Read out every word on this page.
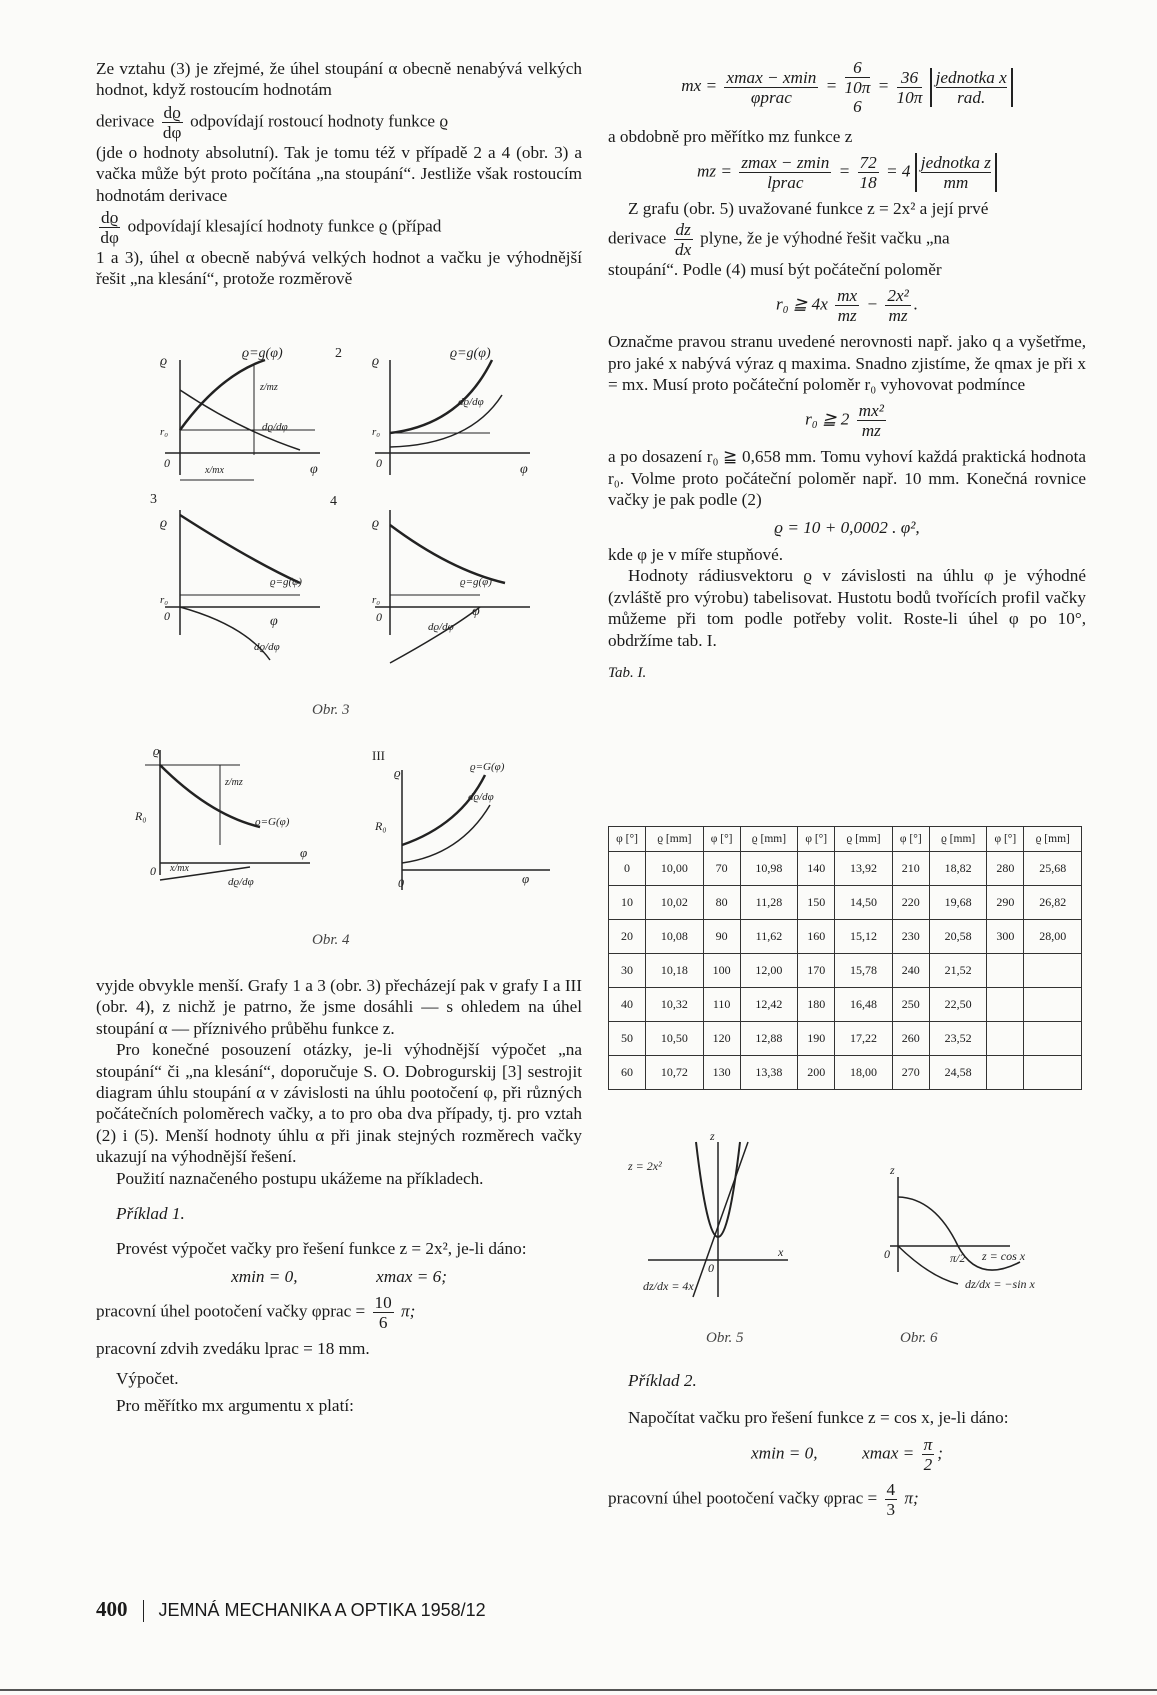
Ze vztahu (3) je zřejmé, že úhel stoupání α obecně nenabývá velkých hodnot, když rostoucím hodnotám

derivace $\frac{dϱ}{d\varphi}$ odpovídají rostoucí hodnoty funkce ϱ

(jde o hodnoty absolutní). Tak je tomu též v případě 2 a 4 (obr. 3) a vačka může být proto počítána „na stoupání“. Jestliže však rostoucím hodnotám derivace

$\frac{dϱ}{d\varphi}$ odpovídají klesající hodnoty funkce ϱ (případ

1 a 3), úhel α obecně nabývá velkých hodnot a vačku je výhodnější řešit „na klesání“, protože rozměrově

ϱ
ϱ=g(φ)
z/mz
dϱ/dφ
r₀
0
x/mx	φ
2
ϱ
ϱ=g(φ)
dϱ/dφ
r₀
0	φ
3
ϱ
ϱ=g(φ)
r₀
0	φ
dϱ/dφ
4
ϱ
ϱ=g(φ)
r₀
0	φ
dϱ/dφ
Obr. 3
ϱ
R₀
z/mz
ϱ=G(φ)
0 x/mx
φ
dϱ/dφ
III
ϱ	ϱ=G(φ)
dϱ/dφ
R₀
0	φ
Obr. 4

vyjde obvykle menší. Grafy 1 a 3 (obr. 3) přecházejí pak v grafy I a III (obr. 4), z nichž je patrno, že jsme dosáhli — s ohledem na úhel stoupání α — příznivého průběhu funkce z.

Pro konečné posouzení otázky, je-li výhodnější výpočet „na stoupání“ či „na klesání“, doporučuje S. O. Dobrogurskij [3] sestrojit diagram úhlu stoupání α v závislosti na úhlu pootočení φ, při různých počátečních poloměrech vačky, a to pro oba dva případy, tj. pro vztah (2) i (5). Menší hodnoty úhlu α při jinak stejných rozměrech vačky ukazují na výhodnější řešení.

Použití naznačeného postupu ukážeme na příkladech.

Příklad 1.

Provést výpočet vačky pro řešení funkce z = 2x², je-li dáno:

xmin = 0,	xmax = 6;

pracovní úhel pootočení vačky φprac = $\frac{10}{6} \pi$;

pracovní zdvih zvedáku lprac = 18 mm.

Výpočet.

Pro měřítko mx argumentu x platí:

mx = $\frac{xmax - xmin}{\text{φprac}}$ =
6
10π
6
= $\frac{36}{10\pi}$
jednotka x
rad.

a obdobně pro měřítko mz funkce z

mz = $\frac{zmax - zmin}{\text{lprac}} = \frac{72}{18} = 4$ jednotka z
mm

Z grafu (obr. 5) uvažované funkce z = 2x² a její prvé

derivace $\frac{dz}{dx}$ plyne, že je výhodné řešit vačku „na

stoupání“. Podle (4) musí být počáteční poloměr

r₀ ≧ $4x \frac{mx}{mz} - \frac{\text{2x²}}{mz}$ .

Označme pravou stranu uvedené nerovnosti např. jako q a vyšetřme, pro jaké x nabývá výraz q maxima. Snadno zjistíme, že qmax je při x = mx. Musí proto počáteční poloměr r₀ vyhovovat podmínce

r₀ ≧ $2 \frac{\text{mx²}}{mz}$

a po dosazení r₀ ≧ 0,658 mm. Tomu vyhoví každá praktická hodnota r₀. Volme proto počáteční poloměr např. 10 mm. Konečná rovnice vačky je pak podle (2)

ϱ = 10 + 0,0002 . φ²,

kde φ je v míře stupňové.

Hodnoty rádiusvektoru ϱ v závislosti na úhlu φ je výhodné (zvláště pro výrobu) tabelisovat. Hustotu bodů tvořících profil vačky můžeme při tom podle potřeby volit. Roste-li úhel φ po 10°, obdržíme tab. I.

Tab. I.

φ [°]	ϱ [mm]	φ [°]	ϱ [mm]	φ [°]	ϱ [mm]	φ [°]	ϱ [mm]	φ [°]	ϱ [mm]
0	10,00	70	10,98	140	13,92	210	18,82	280	25,68
10	10,02	80	11,28	150	14,50	220	19,68	290	26,82
20	10,08	90	11,62	160	15,12	230	20,58	300	28,00
30	10,18	100	12,00	170	15,78	240	21,52		
40	10,32	110	12,42	180	16,48	250	22,50		
50	10,50	120	12,88	190	17,22	260	23,52		
60	10,72	130	13,38	200	18,00	270	24,58		
z = 2x²
z
0
x
dz/dx = 4x
Obr. 5
z
0	π/2 z = cos x
dz/dx = −sin x
Obr. 6

Příklad 2.

Napočítat vačku pro řešení funkce z = cos x, je-li dáno:

xmin = 0,	$xmax = \frac{\pi}{2}$ ;

pracovní úhel pootočení vačky φprac = $\frac{4}{3} \pi$;

400 JEMNÁ MECHANIKA A OPTIKA 1958/12
